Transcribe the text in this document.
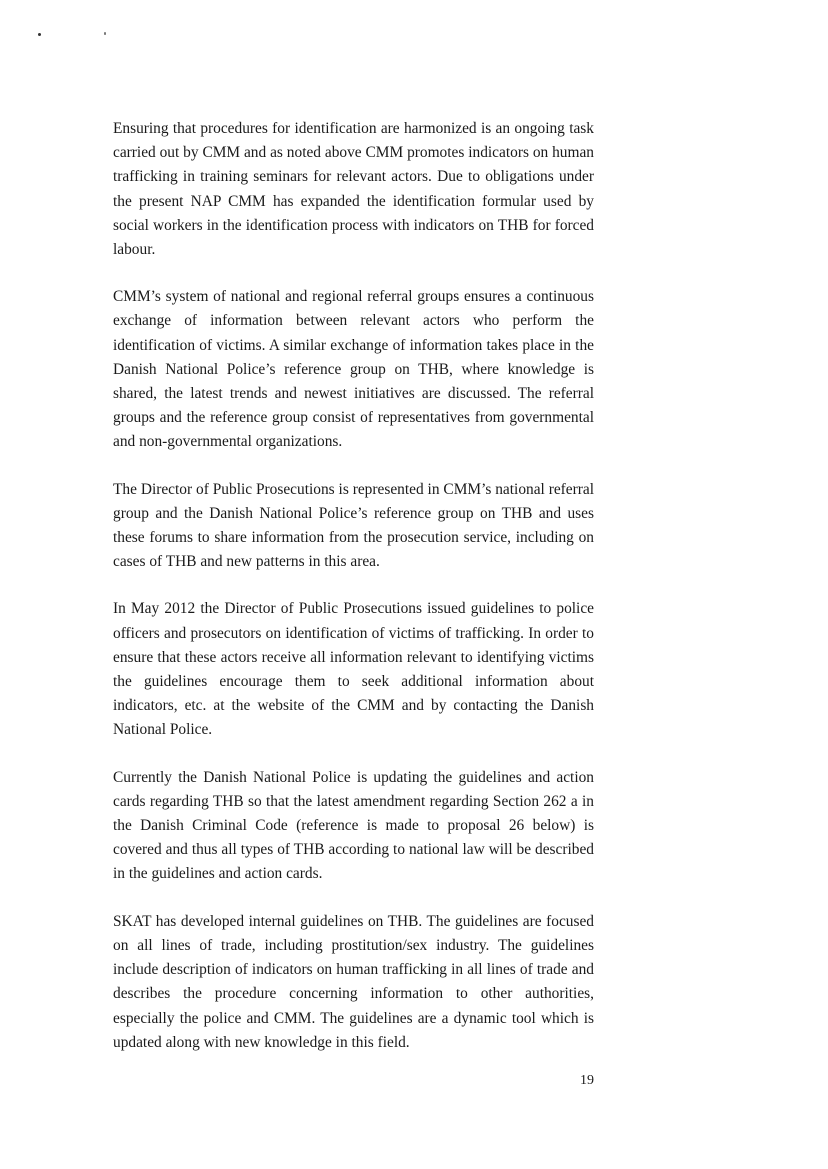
Ensuring that procedures for identification are harmonized is an ongoing task carried out by CMM and as noted above CMM promotes indicators on human trafficking in training seminars for relevant actors. Due to obligations under the present NAP CMM has expanded the identification formular used by social workers in the identification process with indicators on THB for forced labour.

CMM’s system of national and regional referral groups ensures a continuous exchange of information between relevant actors who perform the identification of victims. A similar exchange of information takes place in the Danish National Police’s reference group on THB, where knowledge is shared, the latest trends and newest initiatives are discussed. The referral groups and the reference group consist of representatives from governmental and non-governmental organizations.

The Director of Public Prosecutions is represented in CMM’s national referral group and the Danish National Police’s reference group on THB and uses these forums to share information from the prosecution service, including on cases of THB and new patterns in this area.

In May 2012 the Director of Public Prosecutions issued guidelines to police officers and prosecutors on identification of victims of trafficking. In order to ensure that these actors receive all information relevant to identifying victims the guidelines encourage them to seek additional information about indicators, etc. at the website of the CMM and by contacting the Danish National Police.

Currently the Danish National Police is updating the guidelines and action cards regarding THB so that the latest amendment regarding Section 262 a in the Danish Criminal Code (reference is made to proposal 26 below) is covered and thus all types of THB according to national law will be described in the guidelines and action cards.

SKAT has developed internal guidelines on THB. The guidelines are focused on all lines of trade, including prostitution/sex industry. The guidelines include description of indicators on human trafficking in all lines of trade and describes the procedure concerning information to other authorities, especially the police and CMM. The guidelines are a dynamic tool which is updated along with new knowledge in this field.

19
